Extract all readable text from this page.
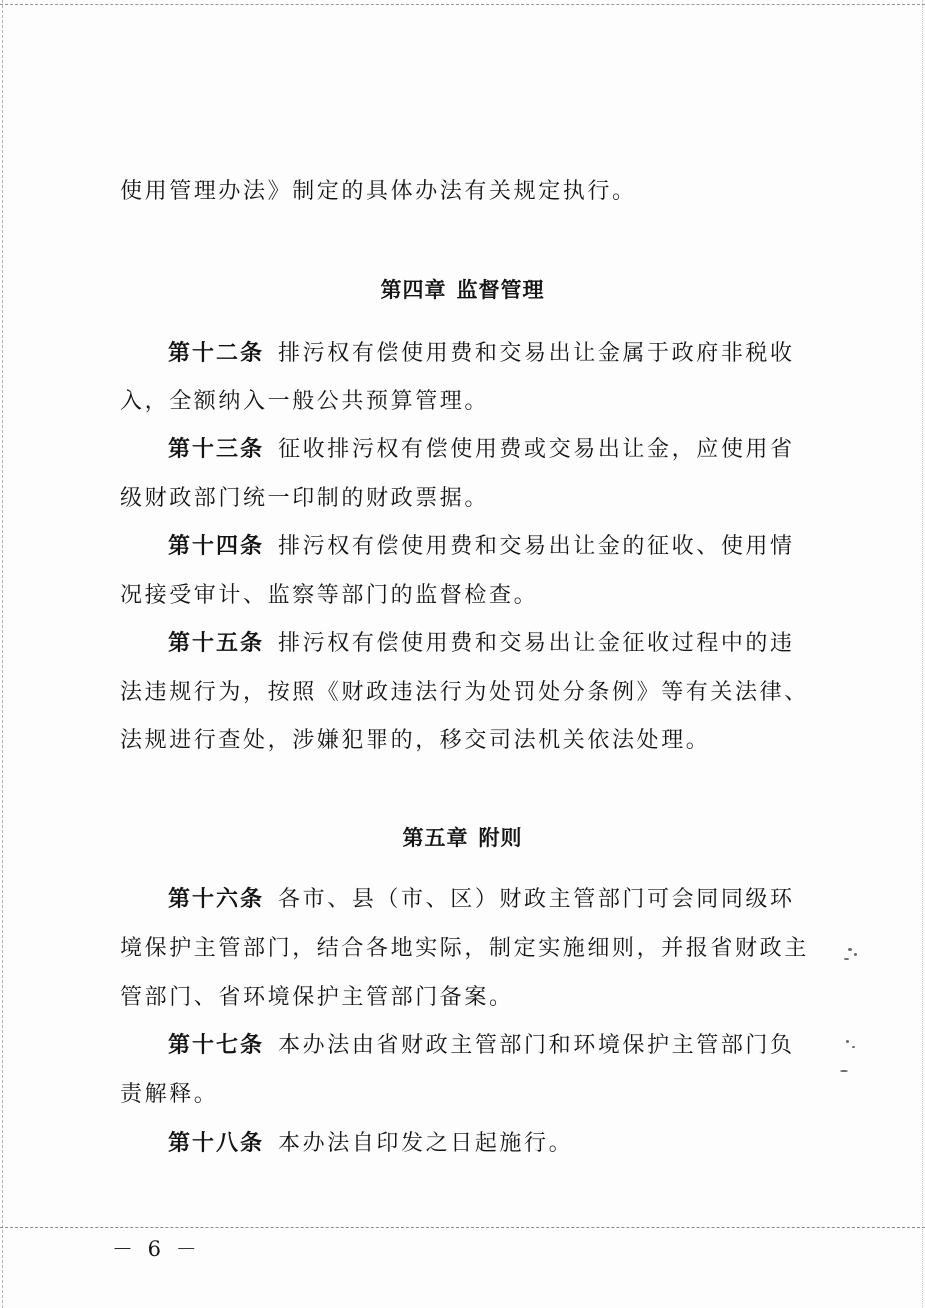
使用管理办法》制定的具体办法有关规定执行。
第四章 监督管理
第十二条 排污权有偿使用费和交易出让金属于政府非税收
入，全额纳入一般公共预算管理。
第十三条 征收排污权有偿使用费或交易出让金，应使用省
级财政部门统一印制的财政票据。
第十四条 排污权有偿使用费和交易出让金的征收、使用情
况接受审计、监察等部门的监督检查。
第十五条 排污权有偿使用费和交易出让金征收过程中的违
法违规行为，按照《财政违法行为处罚处分条例》等有关法律、
法规进行查处，涉嫌犯罪的，移交司法机关依法处理。
第五章 附则
第十六条 各市、县（市、区）财政主管部门可会同同级环
境保护主管部门，结合各地实际，制定实施细则，并报省财政主
管部门、省环境保护主管部门备案。
第十七条 本办法由省财政主管部门和环境保护主管部门负
责解释。
第十八条 本办法自印发之日起施行。
－ 6 －
